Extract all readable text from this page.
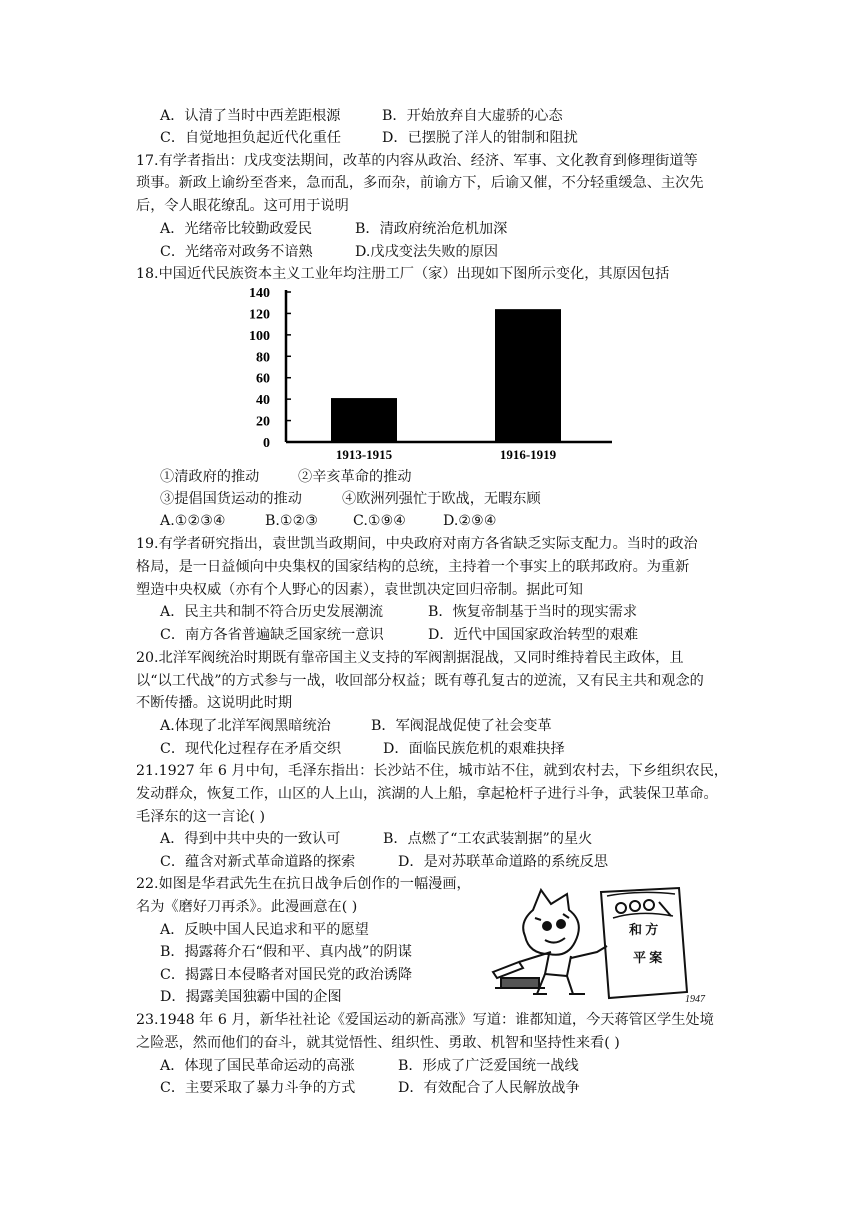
A．认清了当时中西差距根源	B．开始放弃自大虚骄的心态
C．自觉地担负起近代化重任	D．已摆脱了洋人的钳制和阻扰
17.有学者指出：戊戌变法期间，改革的内容从政治、经济、军事、文化教育到修理街道等
琐事。新政上谕纷至沓来，急而乱，多而杂，前谕方下，后谕又催，不分轻重缓急、主次先
后，令人眼花缭乱。这可用于说明
A．光绪帝比较勤政爱民	B．清政府统治危机加深
C．光绪帝对政务不谙熟	D.戊戌变法失败的原因
18.中国近代民族资本主义工业年均注册工厂（家）出现如下图所示变化，其原因包括
0
20
40
60
80
100
120
140
1913-1915	1916-1919
①清政府的推动	②辛亥革命的推动
③提倡国货运动的推动	④欧洲列强忙于欧战，无暇东顾
A.①②③④	B.①②③ C.①⑨④	D.②⑨④
19.有学者研究指出，袁世凯当政期间，中央政府对南方各省缺乏实际支配力。当时的政治
格局，是一日益倾向中央集权的国家结构的总统，主持着一个事实上的联邦政府。为重新
塑造中央权威（亦有个人野心的因素），袁世凯决定回归帝制。据此可知
A．民主共和制不符合历史发展潮流	B．恢复帝制基于当时的现实需求
C．南方各省普遍缺乏国家统一意识	D．近代中国国家政治转型的艰难
20.北洋军阀统治时期既有靠帝国主义支持的军阀割据混战，又同时维持着民主政体，且
以“以工代战”的方式参与一战，收回部分权益；既有尊孔复古的逆流，又有民主共和观念的
不断传播。这说明此时期
A.体现了北洋军阀黑暗统治	B．军阀混战促使了社会变革
C．现代化过程存在矛盾交织	D．面临民族危机的艰难抉择
21.1927 年 6 月中旬，毛泽东指出：长沙站不住，城市站不住，就到农村去，下乡组织农民，
发动群众，恢复工作，山区的人上山，滨湖的人上船，拿起枪杆子进行斗争，武装保卫革命。
毛泽东的这一言论( )
A．得到中共中央的一致认可	B．点燃了“工农武装割据”的星火
C．蕴含对新式革命道路的探索	D．是对苏联革命道路的系统反思
22.如图是华君武先生在抗日战争后创作的一幅漫画，
名为《磨好刀再杀》。此漫画意在( )
A．反映中国人民追求和平的愿望
B．揭露蒋介石“假和平、真内战”的阴谋
C．揭露日本侵略者对国民党的政治诱降
D．揭露美国独霸中国的企图
和 方
平 案
1947
23.1948 年 6 月，新华社社论《爱国运动的新高涨》写道：谁都知道，今天蒋管区学生处境
之险恶，然而他们的奋斗，就其觉悟性、组织性、勇敢、机智和坚持性来看( )
A．体现了国民革命运动的高涨	B．形成了广泛爱国统一战线
C．主要采取了暴力斗争的方式	D．有效配合了人民解放战争
